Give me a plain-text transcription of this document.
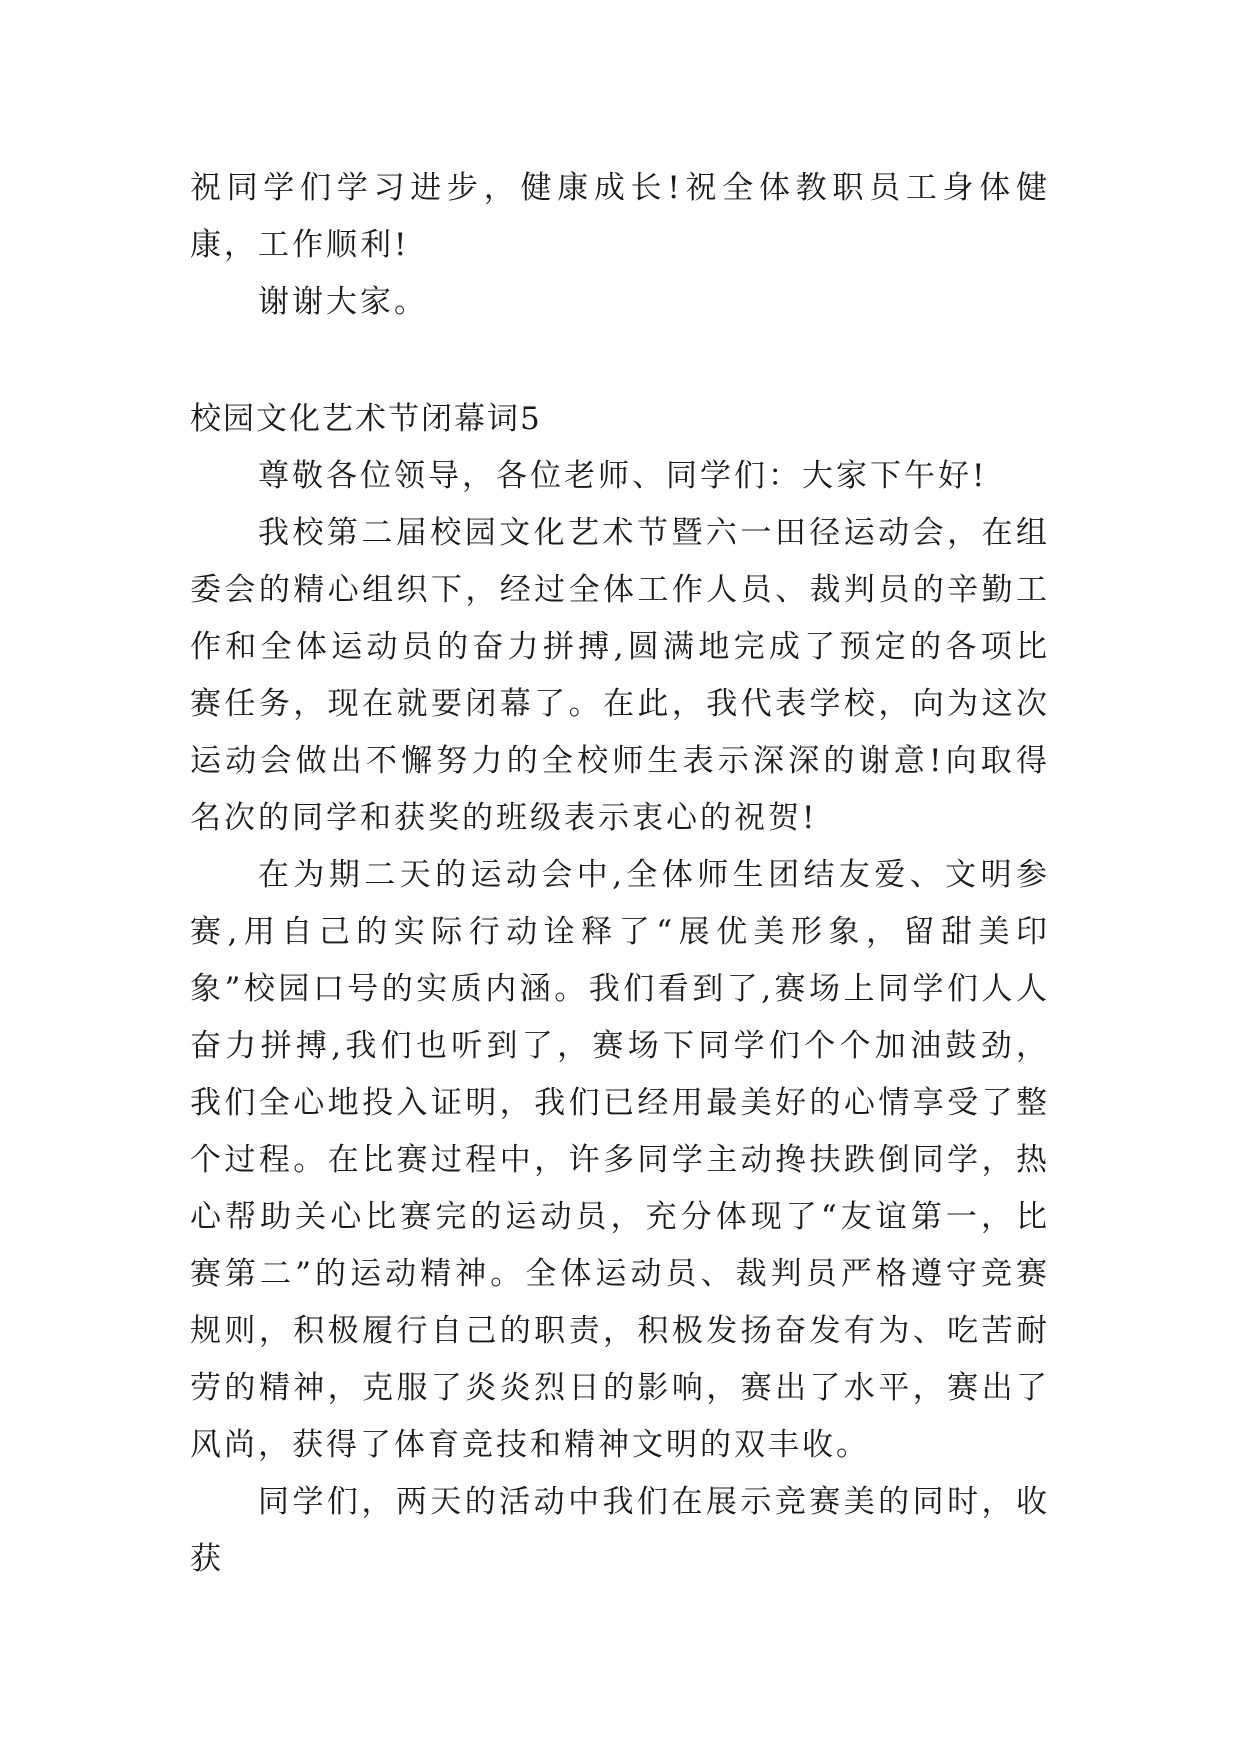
祝同学们学习进步，健康成长!祝全体教职员工身体健康，工作顺利!

谢谢大家。

校园文化艺术节闭幕词5

尊敬各位领导，各位老师、同学们：大家下午好!

我校第二届校园文化艺术节暨六一田径运动会，在组委会的精心组织下，经过全体工作人员、裁判员的辛勤工作和全体运动员的奋力拼搏,圆满地完成了预定的各项比赛任务，现在就要闭幕了。在此，我代表学校，向为这次运动会做出不懈努力的全校师生表示深深的谢意!向取得名次的同学和获奖的班级表示衷心的祝贺!

在为期二天的运动会中,全体师生团结友爱、文明参赛,用自己的实际行动诠释了“展优美形象，留甜美印象”校园口号的实质内涵。我们看到了,赛场上同学们人人奋力拼搏,我们也听到了，赛场下同学们个个加油鼓劲，我们全心地投入证明，我们已经用最美好的心情享受了整个过程。在比赛过程中，许多同学主动搀扶跌倒同学，热心帮助关心比赛完的运动员，充分体现了“友谊第一，比赛第二”的运动精神。全体运动员、裁判员严格遵守竞赛规则，积极履行自己的职责，积极发扬奋发有为、吃苦耐劳的精神，克服了炎炎烈日的影响，赛出了水平，赛出了风尚，获得了体育竞技和精神文明的双丰收。

同学们，两天的活动中我们在展示竞赛美的同时，收获
